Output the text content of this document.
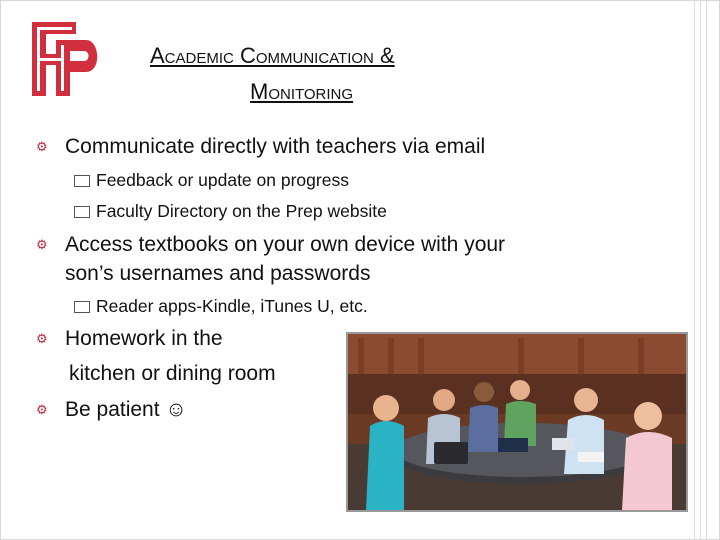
Academic Communication &
Monitoring
⚙ Communicate directly with teachers via email
Feedback or update on progress
Faculty Directory on the Prep website
⚙ Access textbooks on your own device with your
son’s usernames and passwords
Reader apps-Kindle, iTunes U, etc.
⚙ Homework in the
kitchen or dining room
⚙ Be patient ☺
